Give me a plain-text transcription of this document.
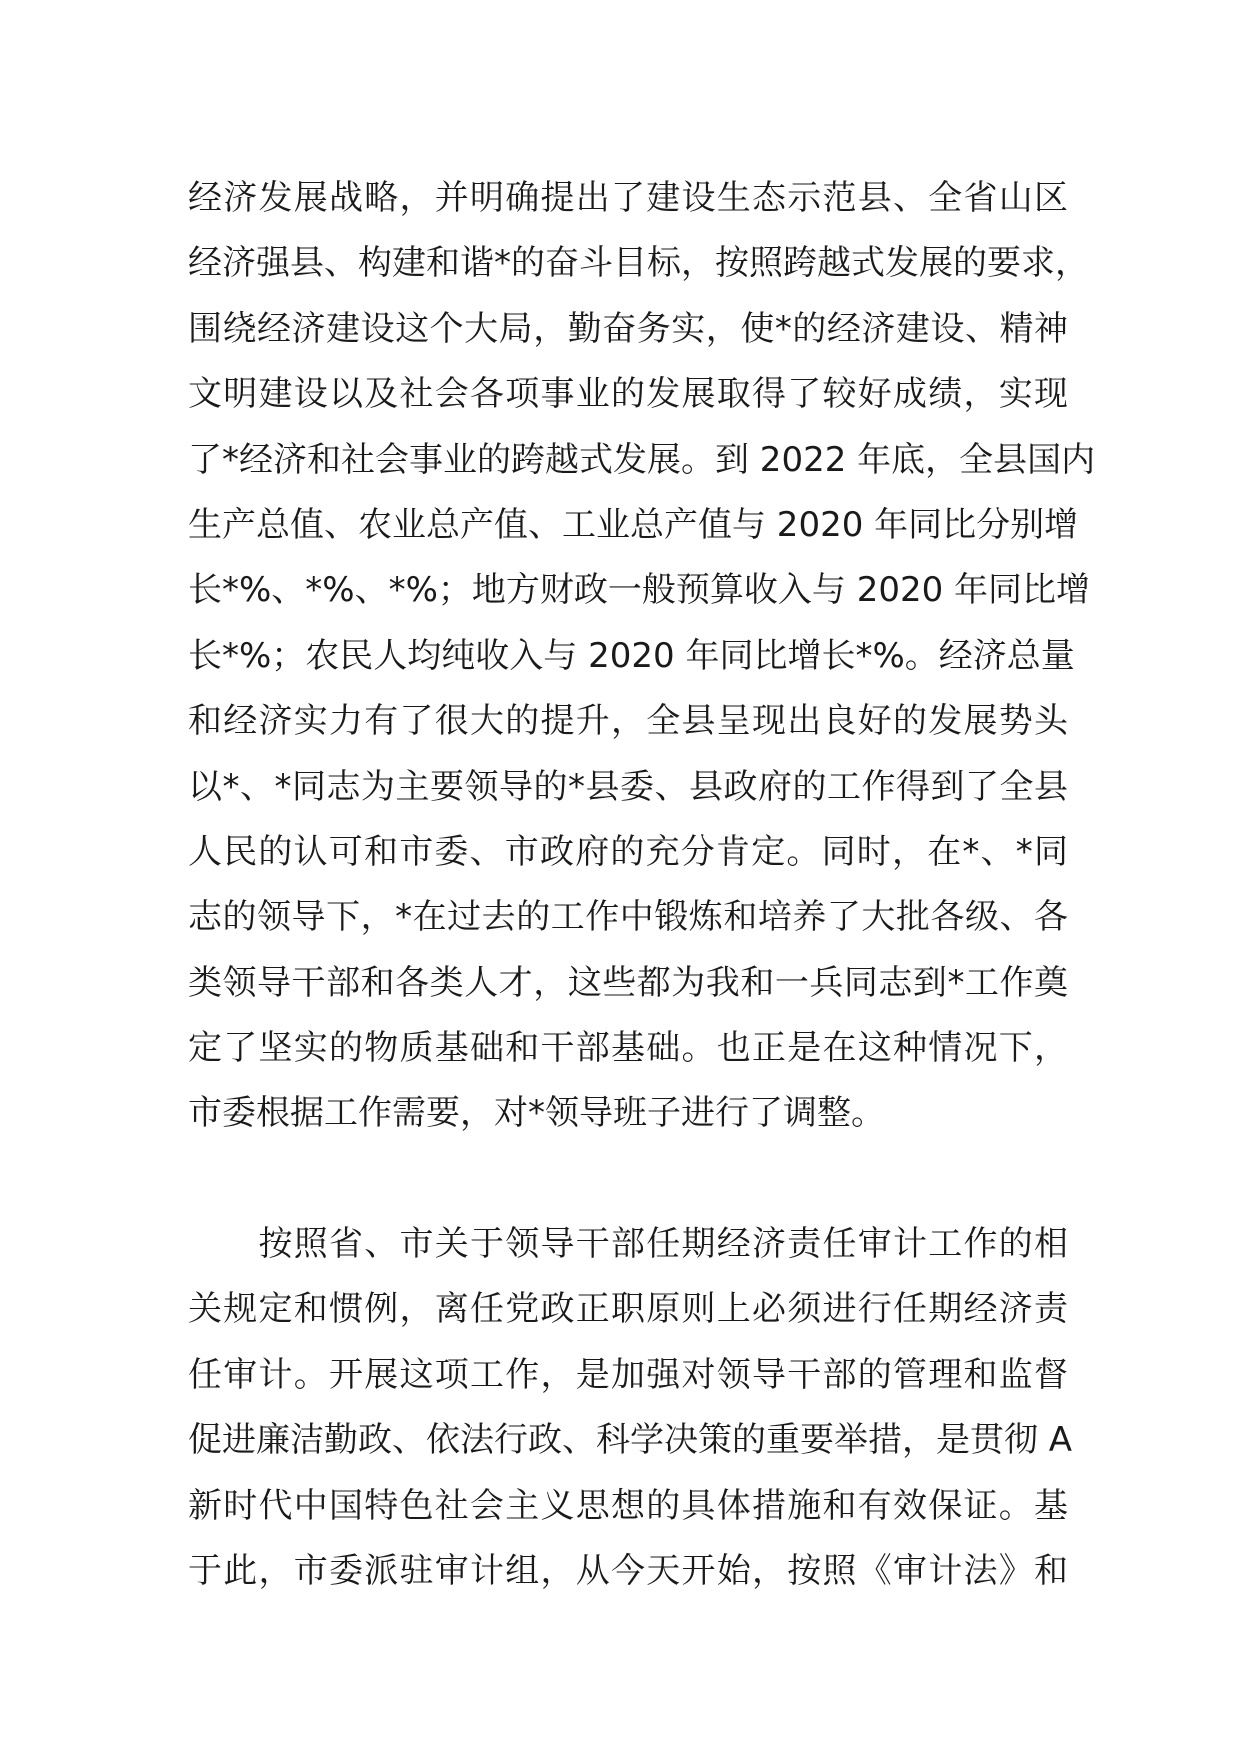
经济发展战略，并明确提出了建设生态示范县、全省山区
经济强县、构建和谐*的奋斗目标，按照跨越式发展的要求，
围绕经济建设这个大局，勤奋务实，使*的经济建设、精神
文明建设以及社会各项事业的发展取得了较好成绩，实现
了*经济和社会事业的跨越式发展。到 2022 年底，全县国内
生产总值、农业总产值、工业总产值与 2020 年同比分别增
长*%、*%、*%；地方财政一般预算收入与 2020 年同比增
长*%；农民人均纯收入与 2020 年同比增长*%。经济总量
和经济实力有了很大的提升，全县呈现出良好的发展势头
以*、*同志为主要领导的*县委、县政府的工作得到了全县
人民的认可和市委、市政府的充分肯定。同时，在*、*同
志的领导下，*在过去的工作中锻炼和培养了大批各级、各
类领导干部和各类人才，这些都为我和一兵同志到*工作奠
定了坚实的物质基础和干部基础。也正是在这种情况下，
市委根据工作需要，对*领导班子进行了调整。
　　按照省、市关于领导干部任期经济责任审计工作的相
关规定和惯例，离任党政正职原则上必须进行任期经济责
任审计。开展这项工作，是加强对领导干部的管理和监督
促进廉洁勤政、依法行政、科学决策的重要举措，是贯彻 A
新时代中国特色社会主义思想的具体措施和有效保证。基
于此，市委派驻审计组，从今天开始，按照《审计法》和
